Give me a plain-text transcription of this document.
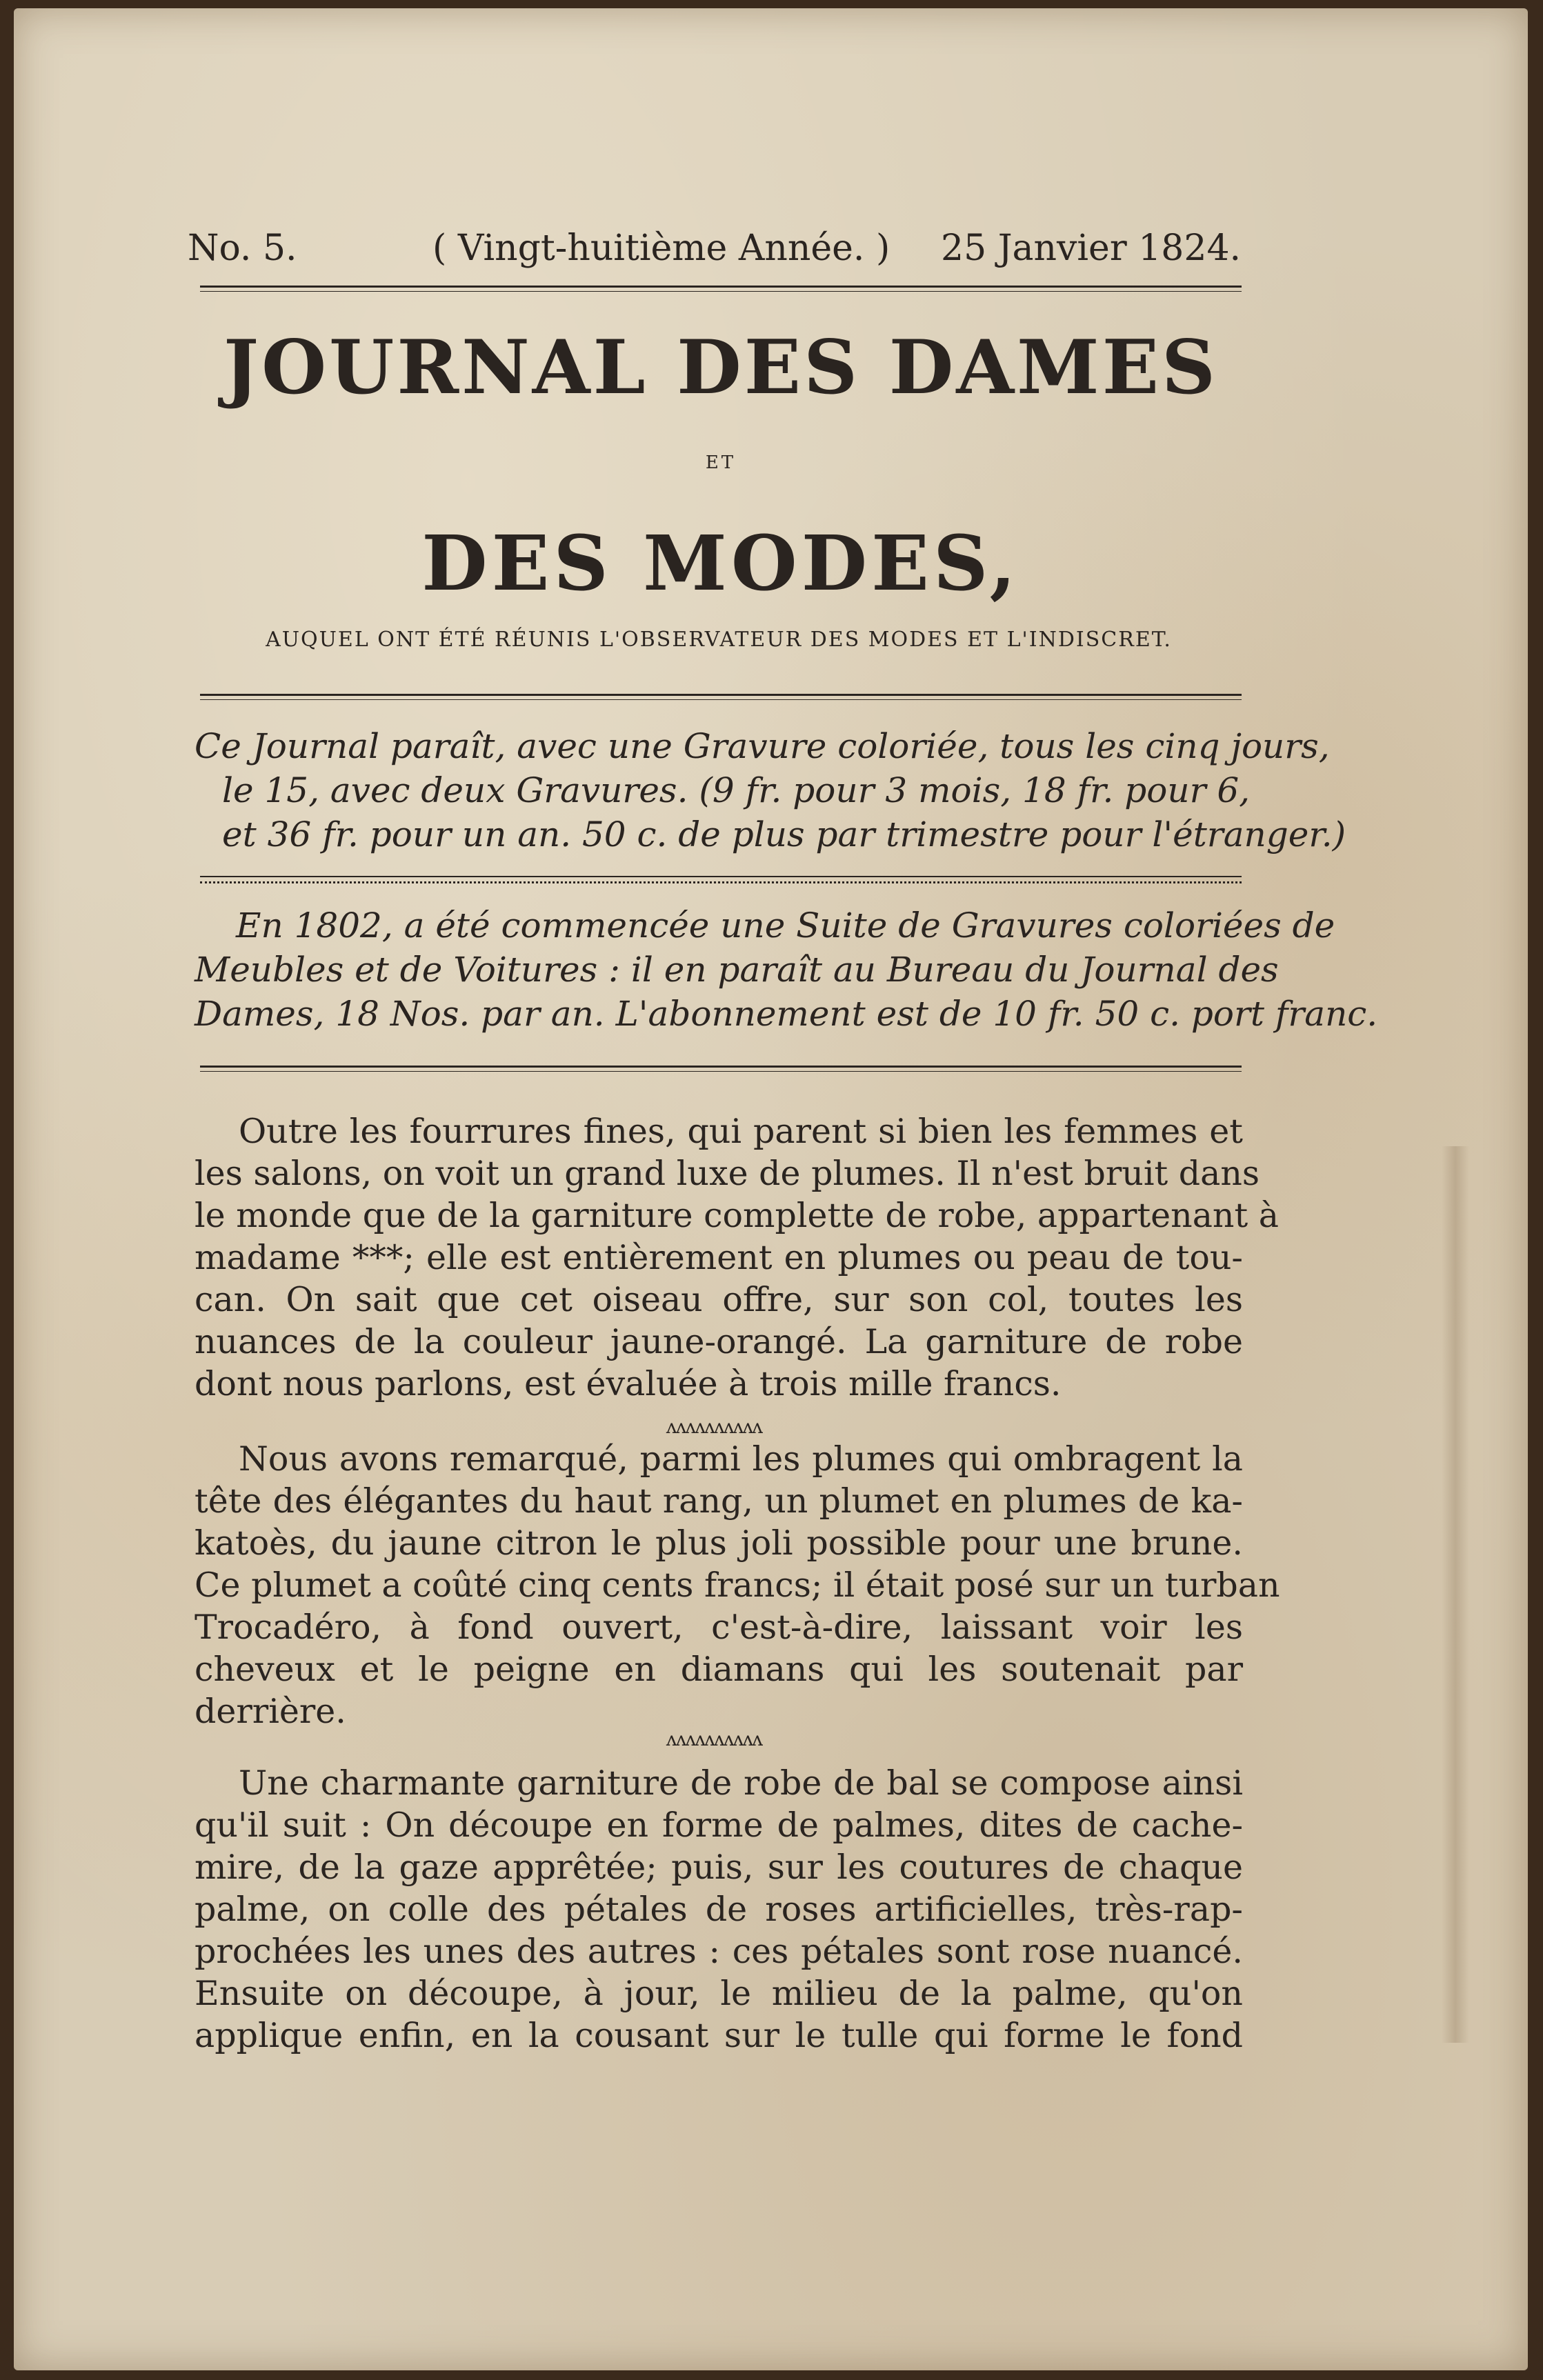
No. 5.	( Vingt-huitième Année. ) 25 Janvier 1824.
JOURNAL DES DAMES
ET
DES MODES,
AUQUEL ONT ÉTÉ RÉUNIS L'OBSERVATEUR DES MODES ET L'INDISCRET.
Ce Journal paraît, avec une Gravure coloriée, tous les cinq jours,
le 15, avec deux Gravures. (9 fr. pour 3 mois, 18 fr. pour 6,
et 36 fr. pour un an. 50 c. de plus par trimestre pour l'étranger.)
En 1802, a été commencée une Suite de Gravures coloriées de
Meubles et de Voitures : il en paraît au Bureau du Journal des
Dames, 18 Nos. par an. L'abonnement est de 10 fr. 50 c. port franc.
Outre les fourrures fines, qui parent si bien les femmes et
les salons, on voit un grand luxe de plumes. Il n'est bruit dans
le monde que de la garniture complette de robe, appartenant à
madame ***; elle est entièrement en plumes ou peau de tou-
can. On sait que cet oiseau offre, sur son col, toutes les
nuances de la couleur jaune-orangé. La garniture de robe
dont nous parlons, est évaluée à trois mille francs.
ʌʌʌʌʌʌʌʌʌʌ
Nous avons remarqué, parmi les plumes qui ombragent la
tête des élégantes du haut rang, un plumet en plumes de ka-
katoès, du jaune citron le plus joli possible pour une brune.
Ce plumet a coûté cinq cents francs; il était posé sur un turban
Trocadéro, à fond ouvert, c'est-à-dire, laissant voir les
cheveux et le peigne en diamans qui les soutenait par
derrière.
ʌʌʌʌʌʌʌʌʌʌ
Une charmante garniture de robe de bal se compose ainsi
qu'il suit : On découpe en forme de palmes, dites de cache-
mire, de la gaze apprêtée; puis, sur les coutures de chaque
palme, on colle des pétales de roses artificielles, très-rap-
prochées les unes des autres : ces pétales sont rose nuancé.
Ensuite on découpe, à jour, le milieu de la palme, qu'on
applique enfin, en la cousant sur le tulle qui forme le fond
